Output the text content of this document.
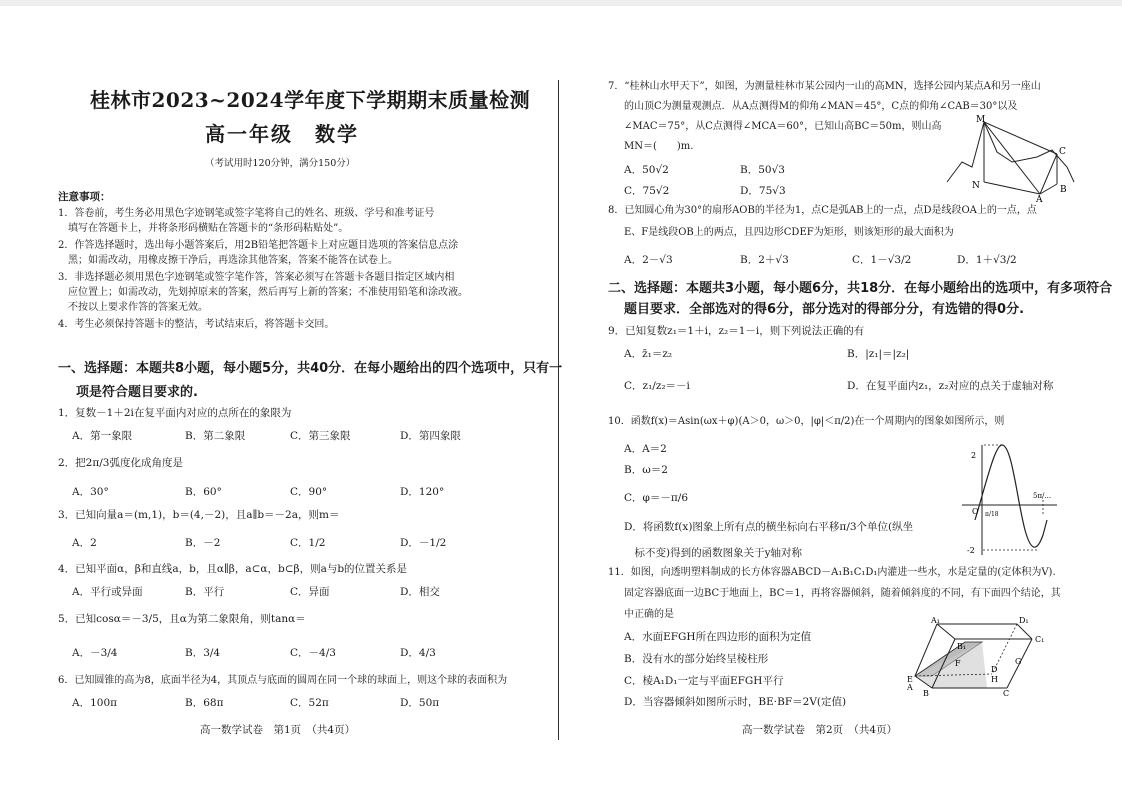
桂林市2023~2024学年度下学期期末质量检测
高一年级　数学
（考试用时120分钟，满分150分）
注意事项：
1．答卷前，考生务必用黑色字迹钢笔或签字笔将自己的姓名、班级、学号和准考证号
　填写在答题卡上，并将条形码横贴在答题卡的“条形码粘贴处”。
2．作答选择题时，选出每小题答案后，用2B铅笔把答题卡上对应题目选项的答案信息点涂
　黑；如需改动，用橡皮擦干净后，再选涂其他答案，答案不能答在试卷上。
3．非选择题必须用黑色字迹钢笔或签字笔作答，答案必须写在答题卡各题目指定区域内相
　应位置上；如需改动，先划掉原来的答案，然后再写上新的答案；不准使用铅笔和涂改液。
　不按以上要求作答的答案无效。
4．考生必须保持答题卡的整洁，考试结束后，将答题卡交回。
一、选择题：本题共8小题，每小题5分，共40分．在每小题给出的四个选项中，只有一
项是符合题目要求的.
1．复数－1＋2i在复平面内对应的点所在的象限为
A．第一象限	B．第二象限	C．第三象限	D．第四象限
2．把2π/3弧度化成角度是
A．30°	B．60°	C．90°	D．120°
3．已知向量a＝(m,1)，b＝(4,－2)，且a∥b＝－2a，则m＝
A．2	B．－2	C．1/2	D．－1/2
4．已知平面α，β和直线a，b，且α∥β，a⊂α，b⊂β，则a与b的位置关系是
A．平行或异面	B．平行	C．异面	D．相交
5．已知cosα＝－3/5，且α为第二象限角，则tanα＝
A．－3/4	B．3/4	C．－4/3	D．4/3
6．已知圆锥的高为8，底面半径为4，其顶点与底面的圆周在同一个球的球面上，则这个球的表面积为
A．100π	B．68π	C．52π	D．50π
高一数学试卷　第1页　（共4页）
7．“桂林山水甲天下”，如图，为测量桂林市某公园内一山的高MN，选择公园内某点A和另一座山
的山顶C为测量观测点．从A点测得M的仰角∠MAN＝45°，C点的仰角∠CAB＝30°以及
∠MAC＝75°，从C点测得∠MCA＝60°，已知山高BC＝50m，则山高
MN＝(　　)m.
A．50√2	B．50√3
C．75√2	D．75√3
M
C
N
A
B
8．已知圆心角为30°的扇形AOB的半径为1，点C是弧AB上的一点，点D是线段OA上的一点，点
E、F是线段OB上的两点，且四边形CDEF为矩形，则该矩形的最大面积为
A．2－√3	B．2＋√3	C．1－√3/2	D．1＋√3/2
二、选择题：本题共3小题，每小题6分，共18分．在每小题给出的选项中，有多项符合
题目要求．全部选对的得6分，部分选对的得部分分，有选错的得0分.
9．已知复数z₁＝1＋i，z₂＝1－i，则下列说法正确的有
A．z̄₁＝z₂	B．|z₁|＝|z₂|
C．z₁/z₂＝－i	D．在复平面内z₁，z₂对应的点关于虚轴对称
10．函数f(x)＝Asin(ωx＋φ)(A＞0，ω＞0，|φ|＜π/2)在一个周期内的图象如图所示，则
A．A＝2
B．ω＝2
C．φ＝－π/6
D．将函数f(x)图象上所有点的横坐标向右平移π/3个单位(纵坐
　标不变)得到的函数图象关于y轴对称
2
-2
O π/18
5π/...
11．如图，向透明塑料制成的长方体容器ABCD－A₁B₁C₁D₁内灌进一些水，水是定量的(定体积为V).
固定容器底面一边BC于地面上，BC＝1，再将容器倾斜，随着倾斜度的不同，有下面四个结论，其
中正确的是
A．水面EFGH所在四边形的面积为定值
B．没有水的部分始终呈棱柱形
C．棱A₁D₁一定与平面EFGH平行
D．当容器倾斜如图所示时，BE·BF＝2V(定值)
A₁	D₁
C₁
B₁
F	G
D
H
E
A
B	C
高一数学试卷　第2页　（共4页）
